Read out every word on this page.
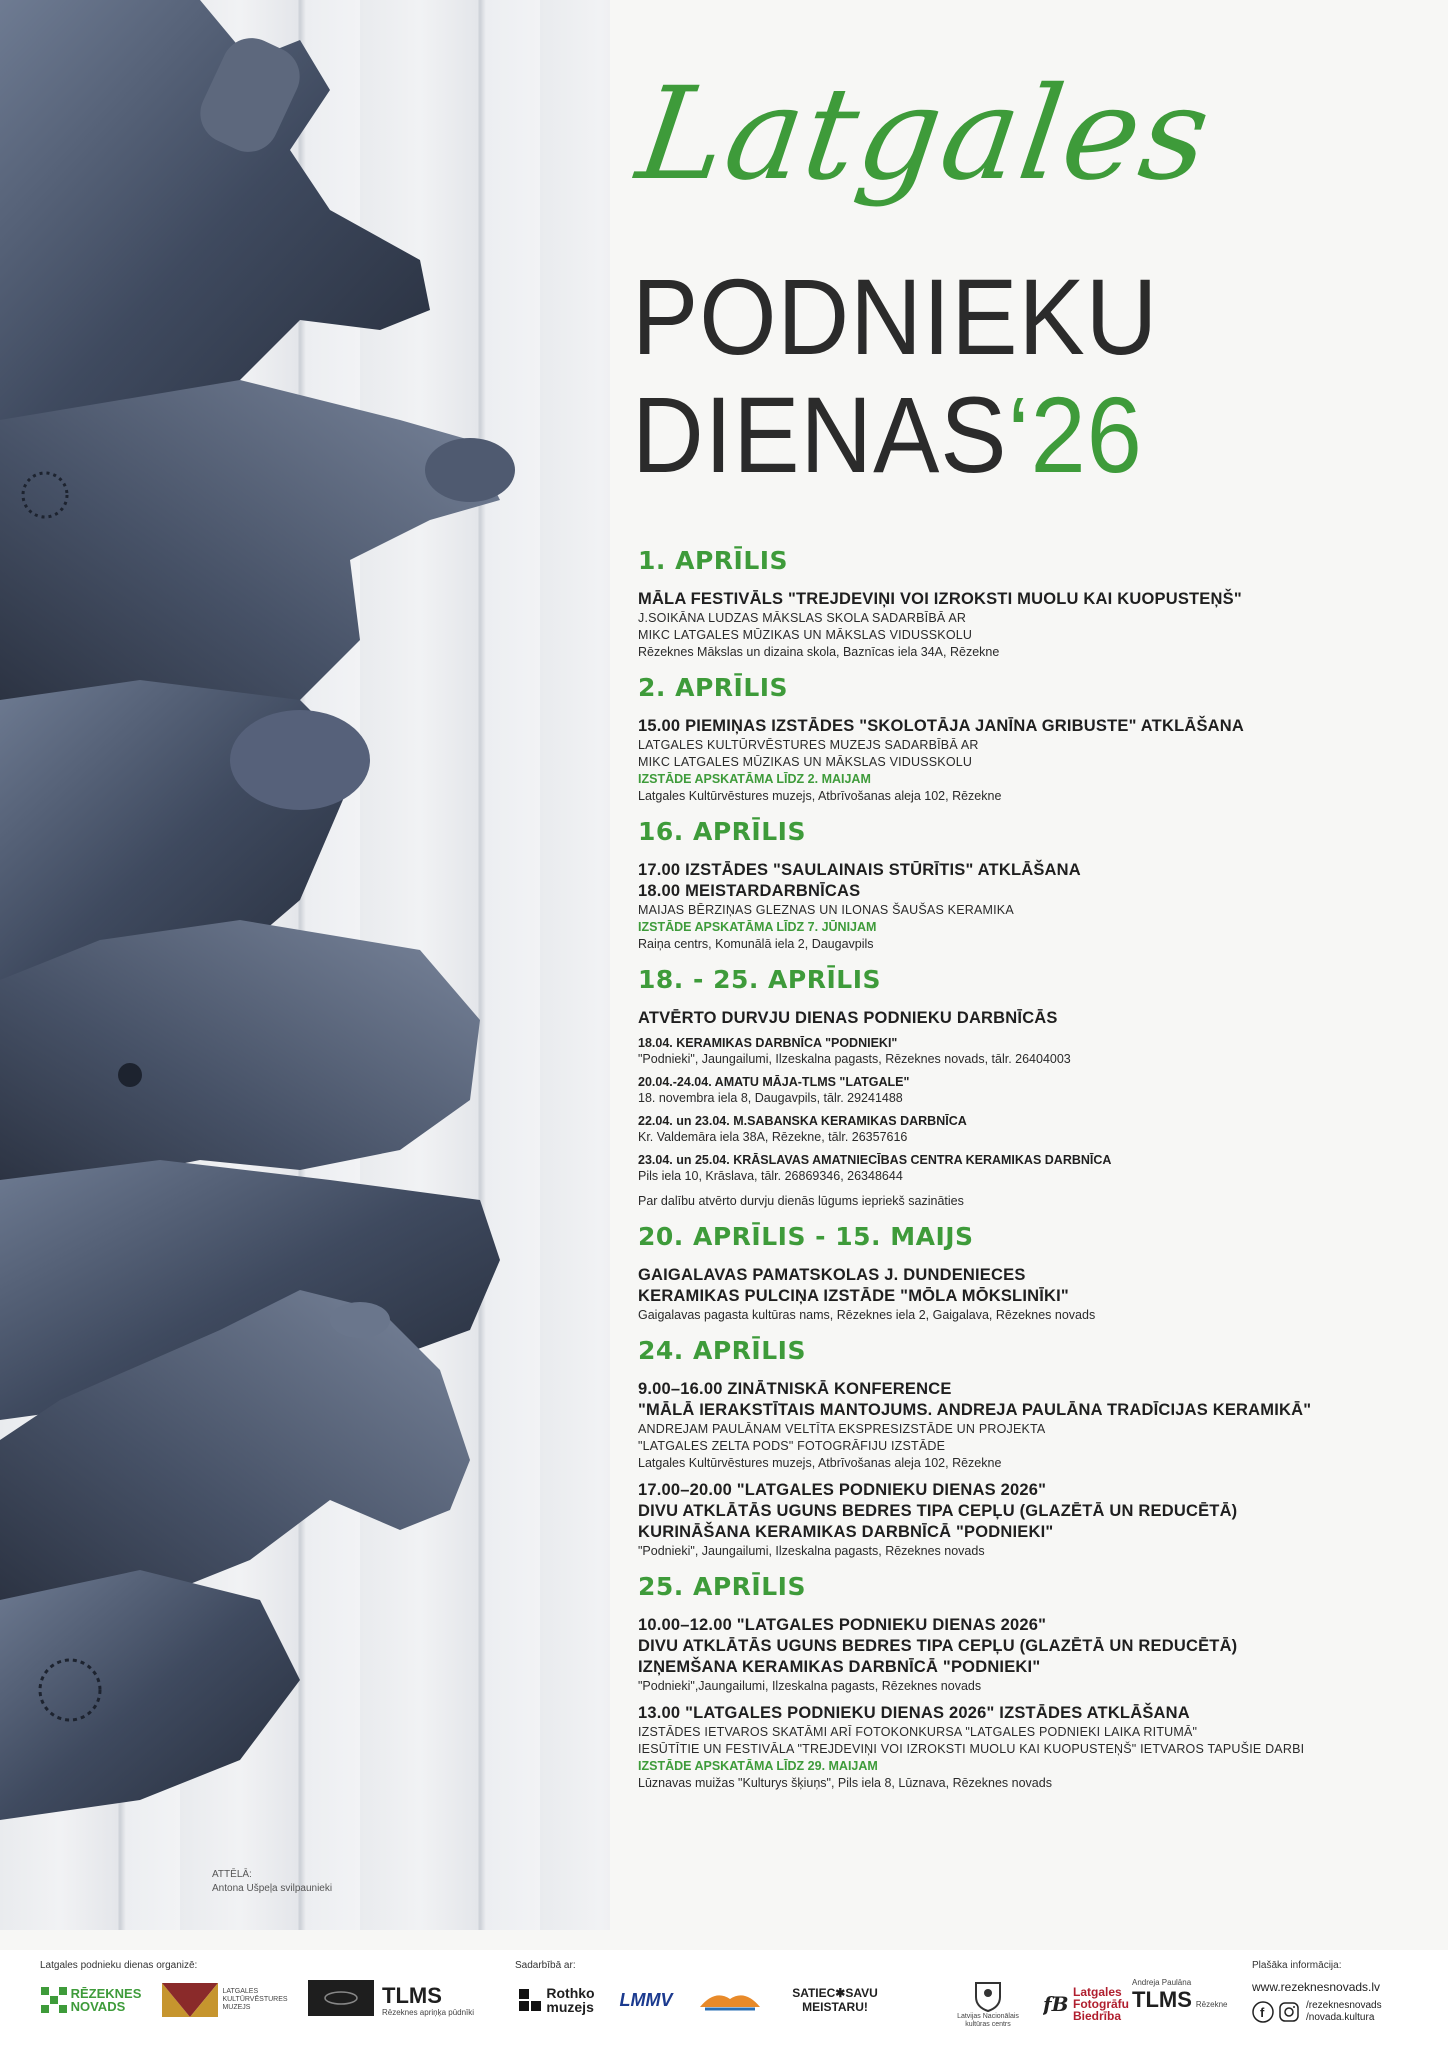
ATTĒLĀ:
Antona Ušpeļa svilpaunieki
Latgales
PODNIEKU
DIENAS‘26
1. APRĪLIS
MĀLA FESTIVĀLS "TREJDEVIŅI VOI IZROKSTI MUOLU KAI KUOPUSTEŅŠ"
J.SOIKĀNA LUDZAS MĀKSLAS SKOLA SADARBĪBĀ AR
MIKC LATGALES MŪZIKAS UN MĀKSLAS VIDUSSKOLU
Rēzeknes Mākslas un dizaina skola, Baznīcas iela 34A, Rēzekne
2. APRĪLIS
15.00 PIEMIŅAS IZSTĀDES "SKOLOTĀJA JANĪNA GRIBUSTE" ATKLĀŠANA
LATGALES KULTŪRVĒSTURES MUZEJS SADARBĪBĀ AR
MIKC LATGALES MŪZIKAS UN MĀKSLAS VIDUSSKOLU
IZSTĀDE APSKATĀMA LĪDZ 2. MAIJAM
Latgales Kultūrvēstures muzejs, Atbrīvošanas aleja 102, Rēzekne
16. APRĪLIS
17.00 IZSTĀDES "SAULAINAIS STŪRĪTIS" ATKLĀŠANA
18.00 MEISTARDARBNĪCAS
MAIJAS BĒRZIŅAS GLEZNAS UN ILONAS ŠAUŠAS KERAMIKA
IZSTĀDE APSKATĀMA LĪDZ 7. JŪNIJAM
Raiņa centrs, Komunālā iela 2, Daugavpils
18. - 25. APRĪLIS
ATVĒRTO DURVJU DIENAS PODNIEKU DARBNĪCĀS
18.04. KERAMIKAS DARBNĪCA "PODNIEKI"
"Podnieki", Jaungailumi, Ilzeskalna pagasts, Rēzeknes novads, tālr. 26404003
20.04.-24.04. AMATU MĀJA-TLMS "LATGALE"
18. novembra iela 8, Daugavpils, tālr. 29241488
22.04. un 23.04. M.SABANSKA KERAMIKAS DARBNĪCA
Kr. Valdemāra iela 38A, Rēzekne, tālr. 26357616
23.04. un 25.04. KRĀSLAVAS AMATNIECĪBAS CENTRA KERAMIKAS DARBNĪCA
Pils iela 10, Krāslava, tālr. 26869346, 26348644
Par dalību atvērto durvju dienās lūgums iepriekš sazināties
20. APRĪLIS - 15. MAIJS
GAIGALAVAS PAMATSKOLAS J. DUNDENIECES
KERAMIKAS PULCIŅA IZSTĀDE "MŌLA MŌKSLINĪKI"
Gaigalavas pagasta kultūras nams, Rēzeknes iela 2, Gaigalava, Rēzeknes novads
24. APRĪLIS
9.00–16.00 ZINĀTNISKĀ KONFERENCE
"MĀLĀ IERAKSTĪTAIS MANTOJUMS. ANDREJA PAULĀNA TRADĪCIJAS KERAMIKĀ"
ANDREJAM PAULĀNAM VELTĪTA EKSPRESIZSTĀDE UN PROJEKTA
"LATGALES ZELTA PODS" FOTOGRĀFIJU IZSTĀDE
Latgales Kultūrvēstures muzejs, Atbrīvošanas aleja 102, Rēzekne
17.00–20.00 "LATGALES PODNIEKU DIENAS 2026"
DIVU ATKLĀTĀS UGUNS BEDRES TIPA CEPĻU (GLAZĒTĀ UN REDUCĒTĀ)
KURINĀŠANA KERAMIKAS DARBNĪCĀ "PODNIEKI"
"Podnieki", Jaungailumi, Ilzeskalna pagasts, Rēzeknes novads
25. APRĪLIS
10.00–12.00 "LATGALES PODNIEKU DIENAS 2026"
DIVU ATKLĀTĀS UGUNS BEDRES TIPA CEPĻU (GLAZĒTĀ UN REDUCĒTĀ)
IZŅEMŠANA KERAMIKAS DARBNĪCĀ "PODNIEKI"
"Podnieki",Jaungailumi, Ilzeskalna pagasts, Rēzeknes novads
13.00 "LATGALES PODNIEKU DIENAS 2026" IZSTĀDES ATKLĀŠANA
IZSTĀDES IETVAROS SKATĀMI ARĪ FOTOKONKURSA "LATGALES PODNIEKI LAIKA RITUMĀ"
IESŪTĪTIE UN FESTIVĀLA "TREJDEVIŅI VOI IZROKSTI MUOLU KAI KUOPUSTEŅŠ" IETVAROS TAPUŠIE DARBI
IZSTĀDE APSKATĀMA LĪDZ 29. MAIJAM
Lūznavas muižas "Kulturys šķiuņs", Pils iela 8, Lūznava, Rēzeknes novads
Latgales podnieku dienas organizē:	Sadarbībā ar:	Plašāka informācija:
RĒZEKNES
NOVADS
LATGALES
KULTŪRVĒSTURES
MUZEJS	TLMS
Rēzeknes apriņķa pūdnīki
Rothko
muzejs LMMV	SATIEC✱SAVU
MEISTARU!
Latvijas Nacionālais
kultūras centrs
fB Latgales
Fotogrāfu
Biedrība
Andreja Paulāna
TLMS Rēzekne
www.rezeknesnovads.lv
f	/rezeknesnovads
/novada.kultura
